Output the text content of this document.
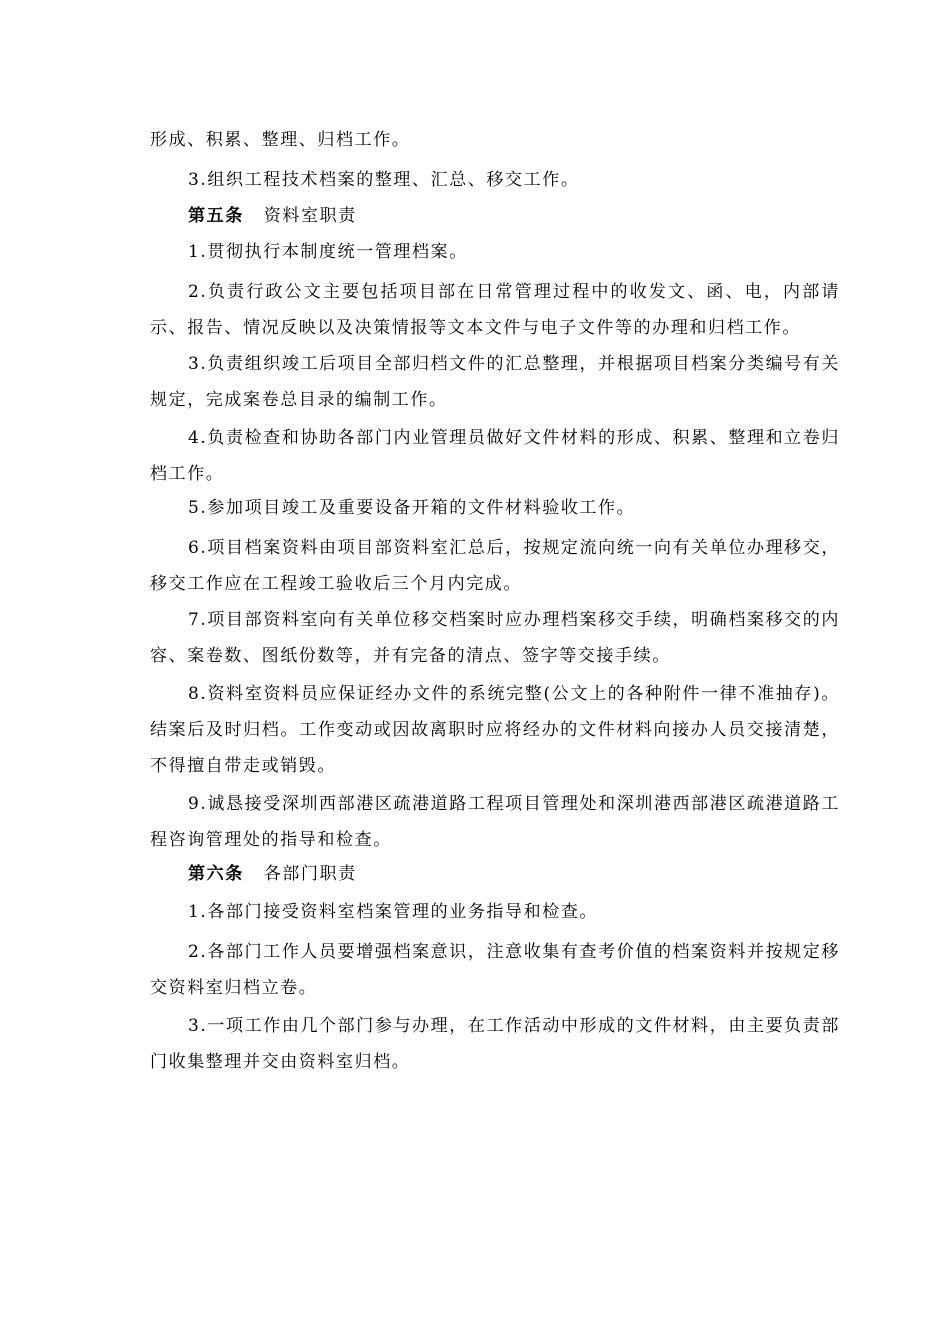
形成、积累、整理、归档工作。

3.组织工程技术档案的整理、汇总、移交工作。

第五条 资料室职责

1.贯彻执行本制度统一管理档案。

2.负责行政公文主要包括项目部在日常管理过程中的收发文、函、电，内部请示、报告、情况反映以及决策情报等文本文件与电子文件等的办理和归档工作。

3.负责组织竣工后项目全部归档文件的汇总整理，并根据项目档案分类编号有关规定，完成案卷总目录的编制工作。

4.负责检查和协助各部门内业管理员做好文件材料的形成、积累、整理和立卷归档工作。

5.参加项目竣工及重要设备开箱的文件材料验收工作。

6.项目档案资料由项目部资料室汇总后，按规定流向统一向有关单位办理移交，移交工作应在工程竣工验收后三个月内完成。

7.项目部资料室向有关单位移交档案时应办理档案移交手续，明确档案移交的内容、案卷数、图纸份数等，并有完备的清点、签字等交接手续。

8.资料室资料员应保证经办文件的系统完整(公文上的各种附件一律不准抽存)。结案后及时归档。工作变动或因故离职时应将经办的文件材料向接办人员交接清楚，不得擅自带走或销毁。

9.诚恳接受深圳西部港区疏港道路工程项目管理处和深圳港西部港区疏港道路工程咨询管理处的指导和检查。

第六条 各部门职责

1.各部门接受资料室档案管理的业务指导和检查。

2.各部门工作人员要增强档案意识，注意收集有查考价值的档案资料并按规定移交资料室归档立卷。

3.一项工作由几个部门参与办理，在工作活动中形成的文件材料，由主要负责部门收集整理并交由资料室归档。
